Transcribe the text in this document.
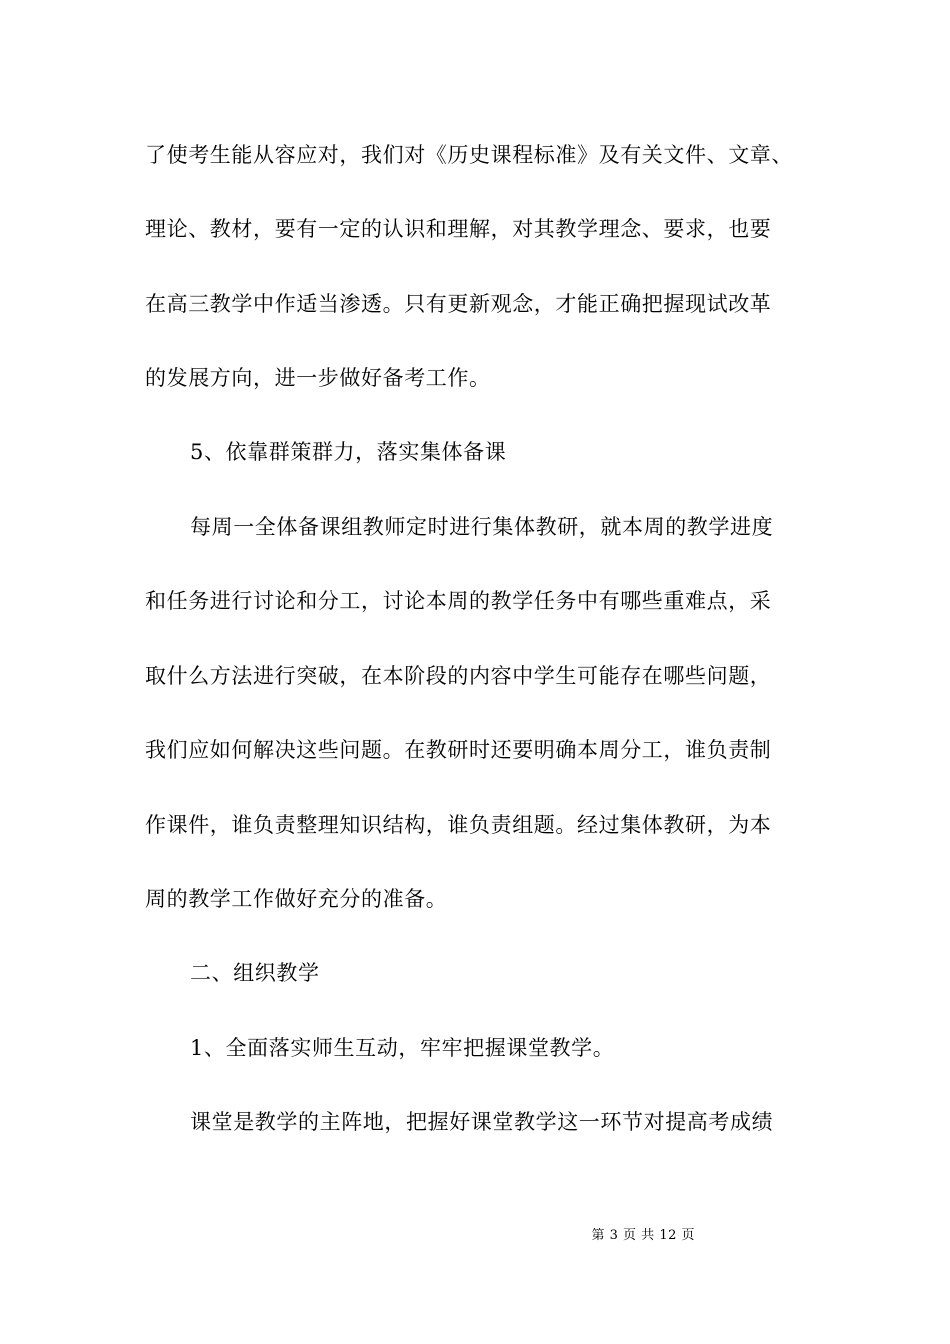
了使考生能从容应对，我们对《历史课程标准》及有关文件、文章、
理论、教材，要有一定的认识和理解，对其教学理念、要求，也要
在高三教学中作适当渗透。只有更新观念，才能正确把握现试改革
的发展方向，进一步做好备考工作。
5、依靠群策群力，落实集体备课
每周一全体备课组教师定时进行集体教研，就本周的教学进度
和任务进行讨论和分工，讨论本周的教学任务中有哪些重难点，采
取什么方法进行突破，在本阶段的内容中学生可能存在哪些问题，
我们应如何解决这些问题。在教研时还要明确本周分工，谁负责制
作课件，谁负责整理知识结构，谁负责组题。经过集体教研，为本
周的教学工作做好充分的准备。
二、组织教学
1、全面落实师生互动，牢牢把握课堂教学。
课堂是教学的主阵地，把握好课堂教学这一环节对提高考成绩

第 3 页 共 12 页
